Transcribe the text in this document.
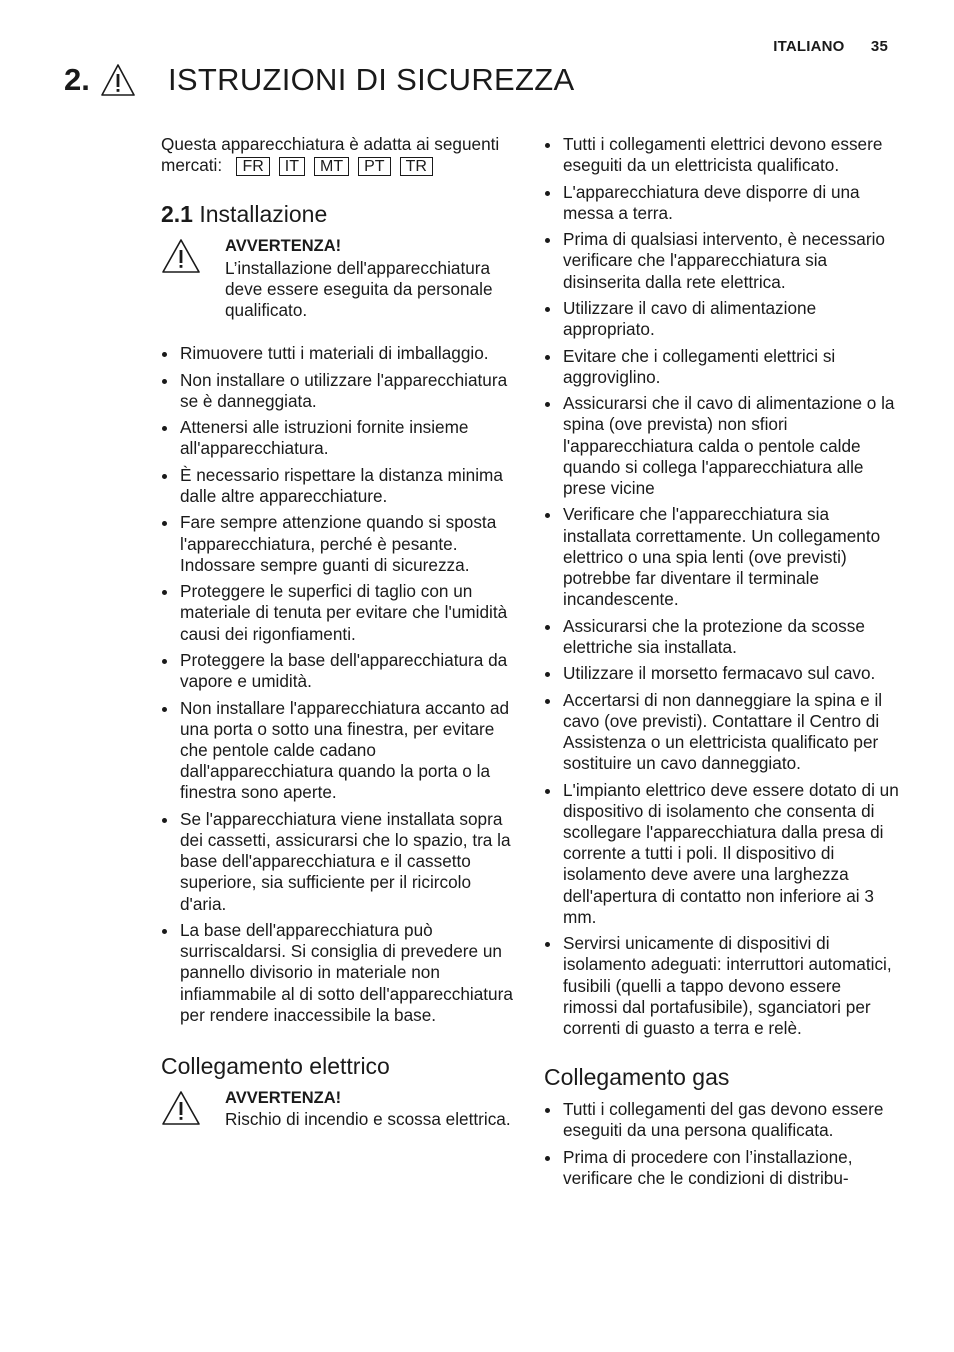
ITALIANO 35
2.	ISTRUZIONI DI SICUREZZA
Questa apparecchiatura è adatta ai seguenti mercati: FR IT MT PT TR
2.1 Installazione
AVVERTENZA!
L’installazione dell'apparecchiatura deve essere eseguita da personale qualificato.
Rimuovere tutti i materiali di imballaggio.
Non installare o utilizzare l'apparecchiatura se è danneggiata.
Attenersi alle istruzioni fornite insieme all'apparecchiatura.
È necessario rispettare la distanza minima dalle altre apparecchiature.
Fare sempre attenzione quando si sposta l'apparecchiatura, perché è pesante. Indossare sempre guanti di sicurezza.
Proteggere le superfici di taglio con un materiale di tenuta per evitare che l'umidità causi dei rigonfiamenti.
Proteggere la base dell'apparecchiatura da vapore e umidità.
Non installare l'apparecchiatura accanto ad una porta o sotto una finestra, per evitare che pentole calde cadano dall'apparecchiatura quando la porta o la finestra sono aperte.
Se l'apparecchiatura viene installata sopra dei cassetti, assicurarsi che lo spazio, tra la base dell'apparecchiatura e il cassetto superiore, sia sufficiente per il ricircolo d'aria.
La base dell'apparecchiatura può surriscaldarsi. Si consiglia di prevedere un pannello divisorio in materiale non infiammabile al di sotto dell'apparecchiatura per rendere inaccessibile la base.
Collegamento elettrico
AVVERTENZA!
Rischio di incendio e scossa elettrica.
Tutti i collegamenti elettrici devono essere eseguiti da un elettricista qualificato.
L'apparecchiatura deve disporre di una messa a terra.
Prima di qualsiasi intervento, è necessario verificare che l'apparecchiatura sia disinserita dalla rete elettrica.
Utilizzare il cavo di alimentazione appropriato.
Evitare che i collegamenti elettrici si aggroviglino.
Assicurarsi che il cavo di alimentazione o la spina (ove prevista) non sfiori l'apparecchiatura calda o pentole calde quando si collega l'apparecchiatura alle prese vicine
Verificare che l'apparecchiatura sia installata correttamente. Un collegamento elettrico o una spia lenti (ove previsti) potrebbe far diventare il terminale incandescente.
Assicurarsi che la protezione da scosse elettriche sia installata.
Utilizzare il morsetto fermacavo sul cavo.
Accertarsi di non danneggiare la spina e il cavo (ove previsti). Contattare il Centro di Assistenza o un elettricista qualificato per sostituire un cavo danneggiato.
L'impianto elettrico deve essere dotato di un dispositivo di isolamento che consenta di scollegare l'apparecchiatura dalla presa di corrente a tutti i poli. Il dispositivo di isolamento deve avere una larghezza dell'apertura di contatto non inferiore ai 3 mm.
Servirsi unicamente di dispositivi di isolamento adeguati: interruttori automatici, fusibili (quelli a tappo devono essere rimossi dal portafusibile), sganciatori per correnti di guasto a terra e relè.
Collegamento gas
Tutti i collegamenti del gas devono essere eseguiti da una persona qualificata.
Prima di procedere con l’installazione, verificare che le condizioni di distribu-
